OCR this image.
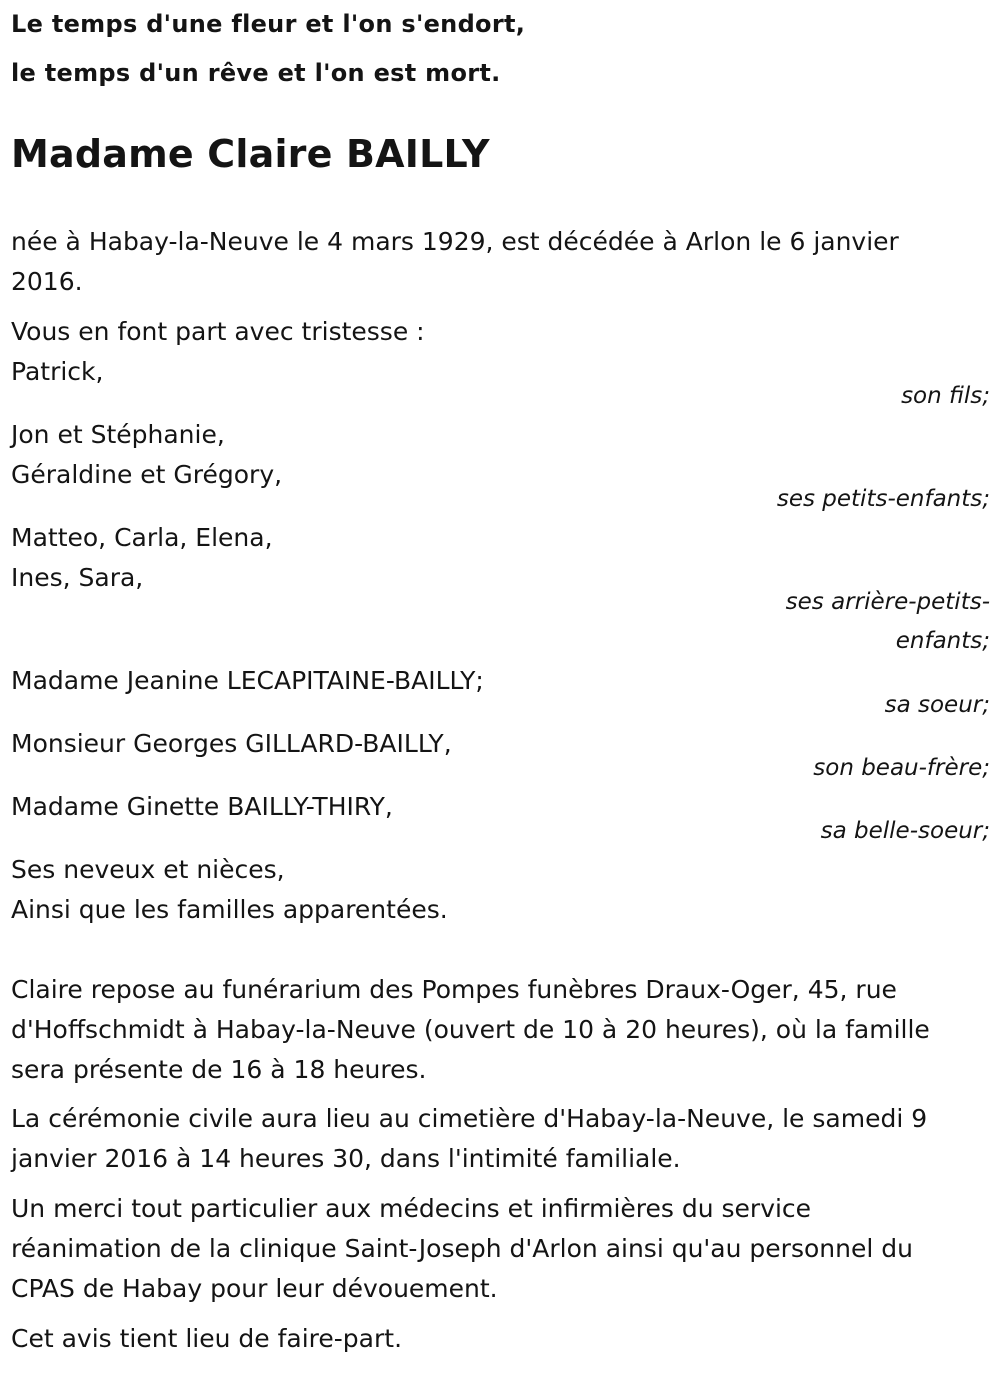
Le temps d'une fleur et l'on s'endort,
le temps d'un rêve et l'on est mort.
Madame Claire BAILLY
née à Habay-la-Neuve le 4 mars 1929, est décédée à Arlon le 6 janvier
2016.
Vous en font part avec tristesse :
Patrick,
son fils;
Jon et Stéphanie,
Géraldine et Grégory,
ses petits-enfants;
Matteo, Carla, Elena,
Ines, Sara,
ses arrière-petits-
enfants;
Madame Jeanine LECAPITAINE-BAILLY;
sa soeur;
Monsieur Georges GILLARD-BAILLY,
son beau-frère;
Madame Ginette BAILLY-THIRY,
sa belle-soeur;
Ses neveux et nièces,
Ainsi que les familles apparentées.
Claire repose au funérarium des Pompes funèbres Draux-Oger, 45, rue
d'Hoffschmidt à Habay-la-Neuve (ouvert de 10 à 20 heures), où la famille
sera présente de 16 à 18 heures.
La cérémonie civile aura lieu au cimetière d'Habay-la-Neuve, le samedi 9
janvier 2016 à 14 heures 30, dans l'intimité familiale.
Un merci tout particulier aux médecins et infirmières du service
réanimation de la clinique Saint-Joseph d'Arlon ainsi qu'au personnel du
CPAS de Habay pour leur dévouement.
Cet avis tient lieu de faire-part.
